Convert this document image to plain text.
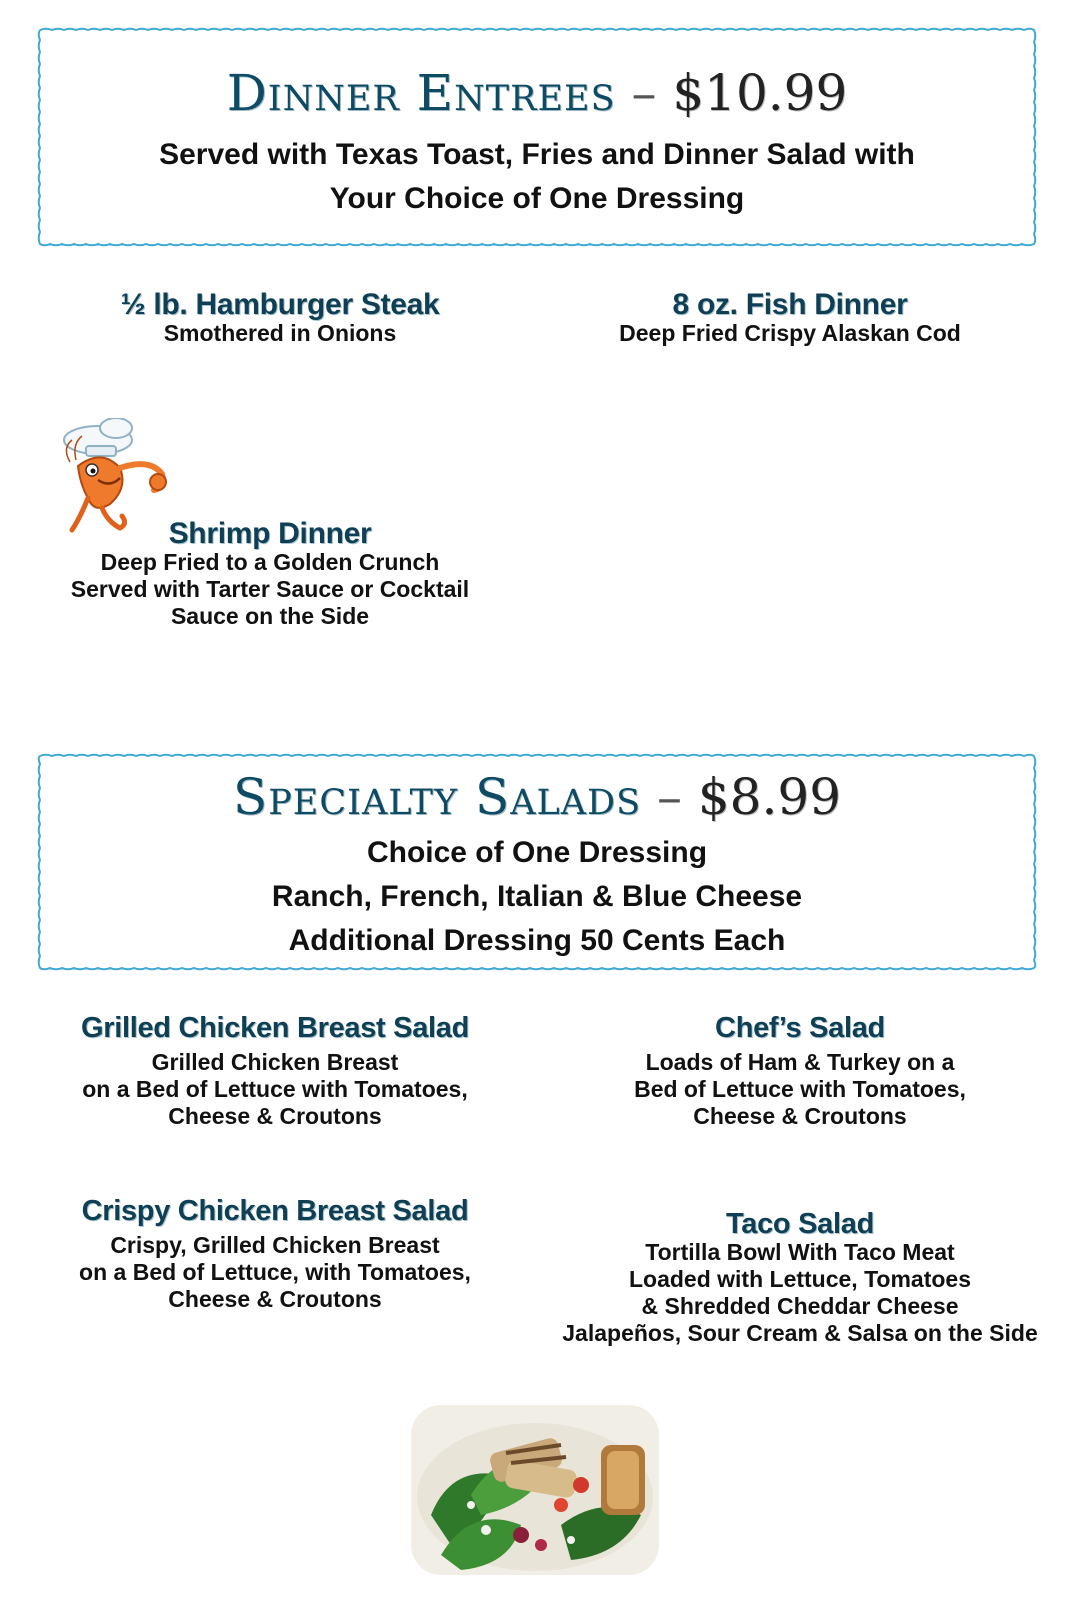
Dinner Entrees – $10.99
Served with Texas Toast, Fries and Dinner Salad with
Your Choice of One Dressing
½ lb. Hamburger Steak
Smothered in Onions
8 oz. Fish Dinner
Deep Fried Crispy Alaskan Cod
Shrimp Dinner
Deep Fried to a Golden Crunch
Served with Tarter Sauce or Cocktail
Sauce on the Side
Specialty Salads – $8.99
Choice of One Dressing
Ranch, French, Italian & Blue Cheese
Additional Dressing 50 Cents Each
Grilled Chicken Breast Salad
Grilled Chicken Breast
on a Bed of Lettuce with Tomatoes,
Cheese & Croutons
Chef’s Salad
Loads of Ham & Turkey on a
Bed of Lettuce with Tomatoes,
Cheese & Croutons
Crispy Chicken Breast Salad
Crispy, Grilled Chicken Breast
on a Bed of Lettuce, with Tomatoes,
Cheese & Croutons
Taco Salad
Tortilla Bowl With Taco Meat
Loaded with Lettuce, Tomatoes
& Shredded Cheddar Cheese
Jalapeños, Sour Cream & Salsa on the Side
